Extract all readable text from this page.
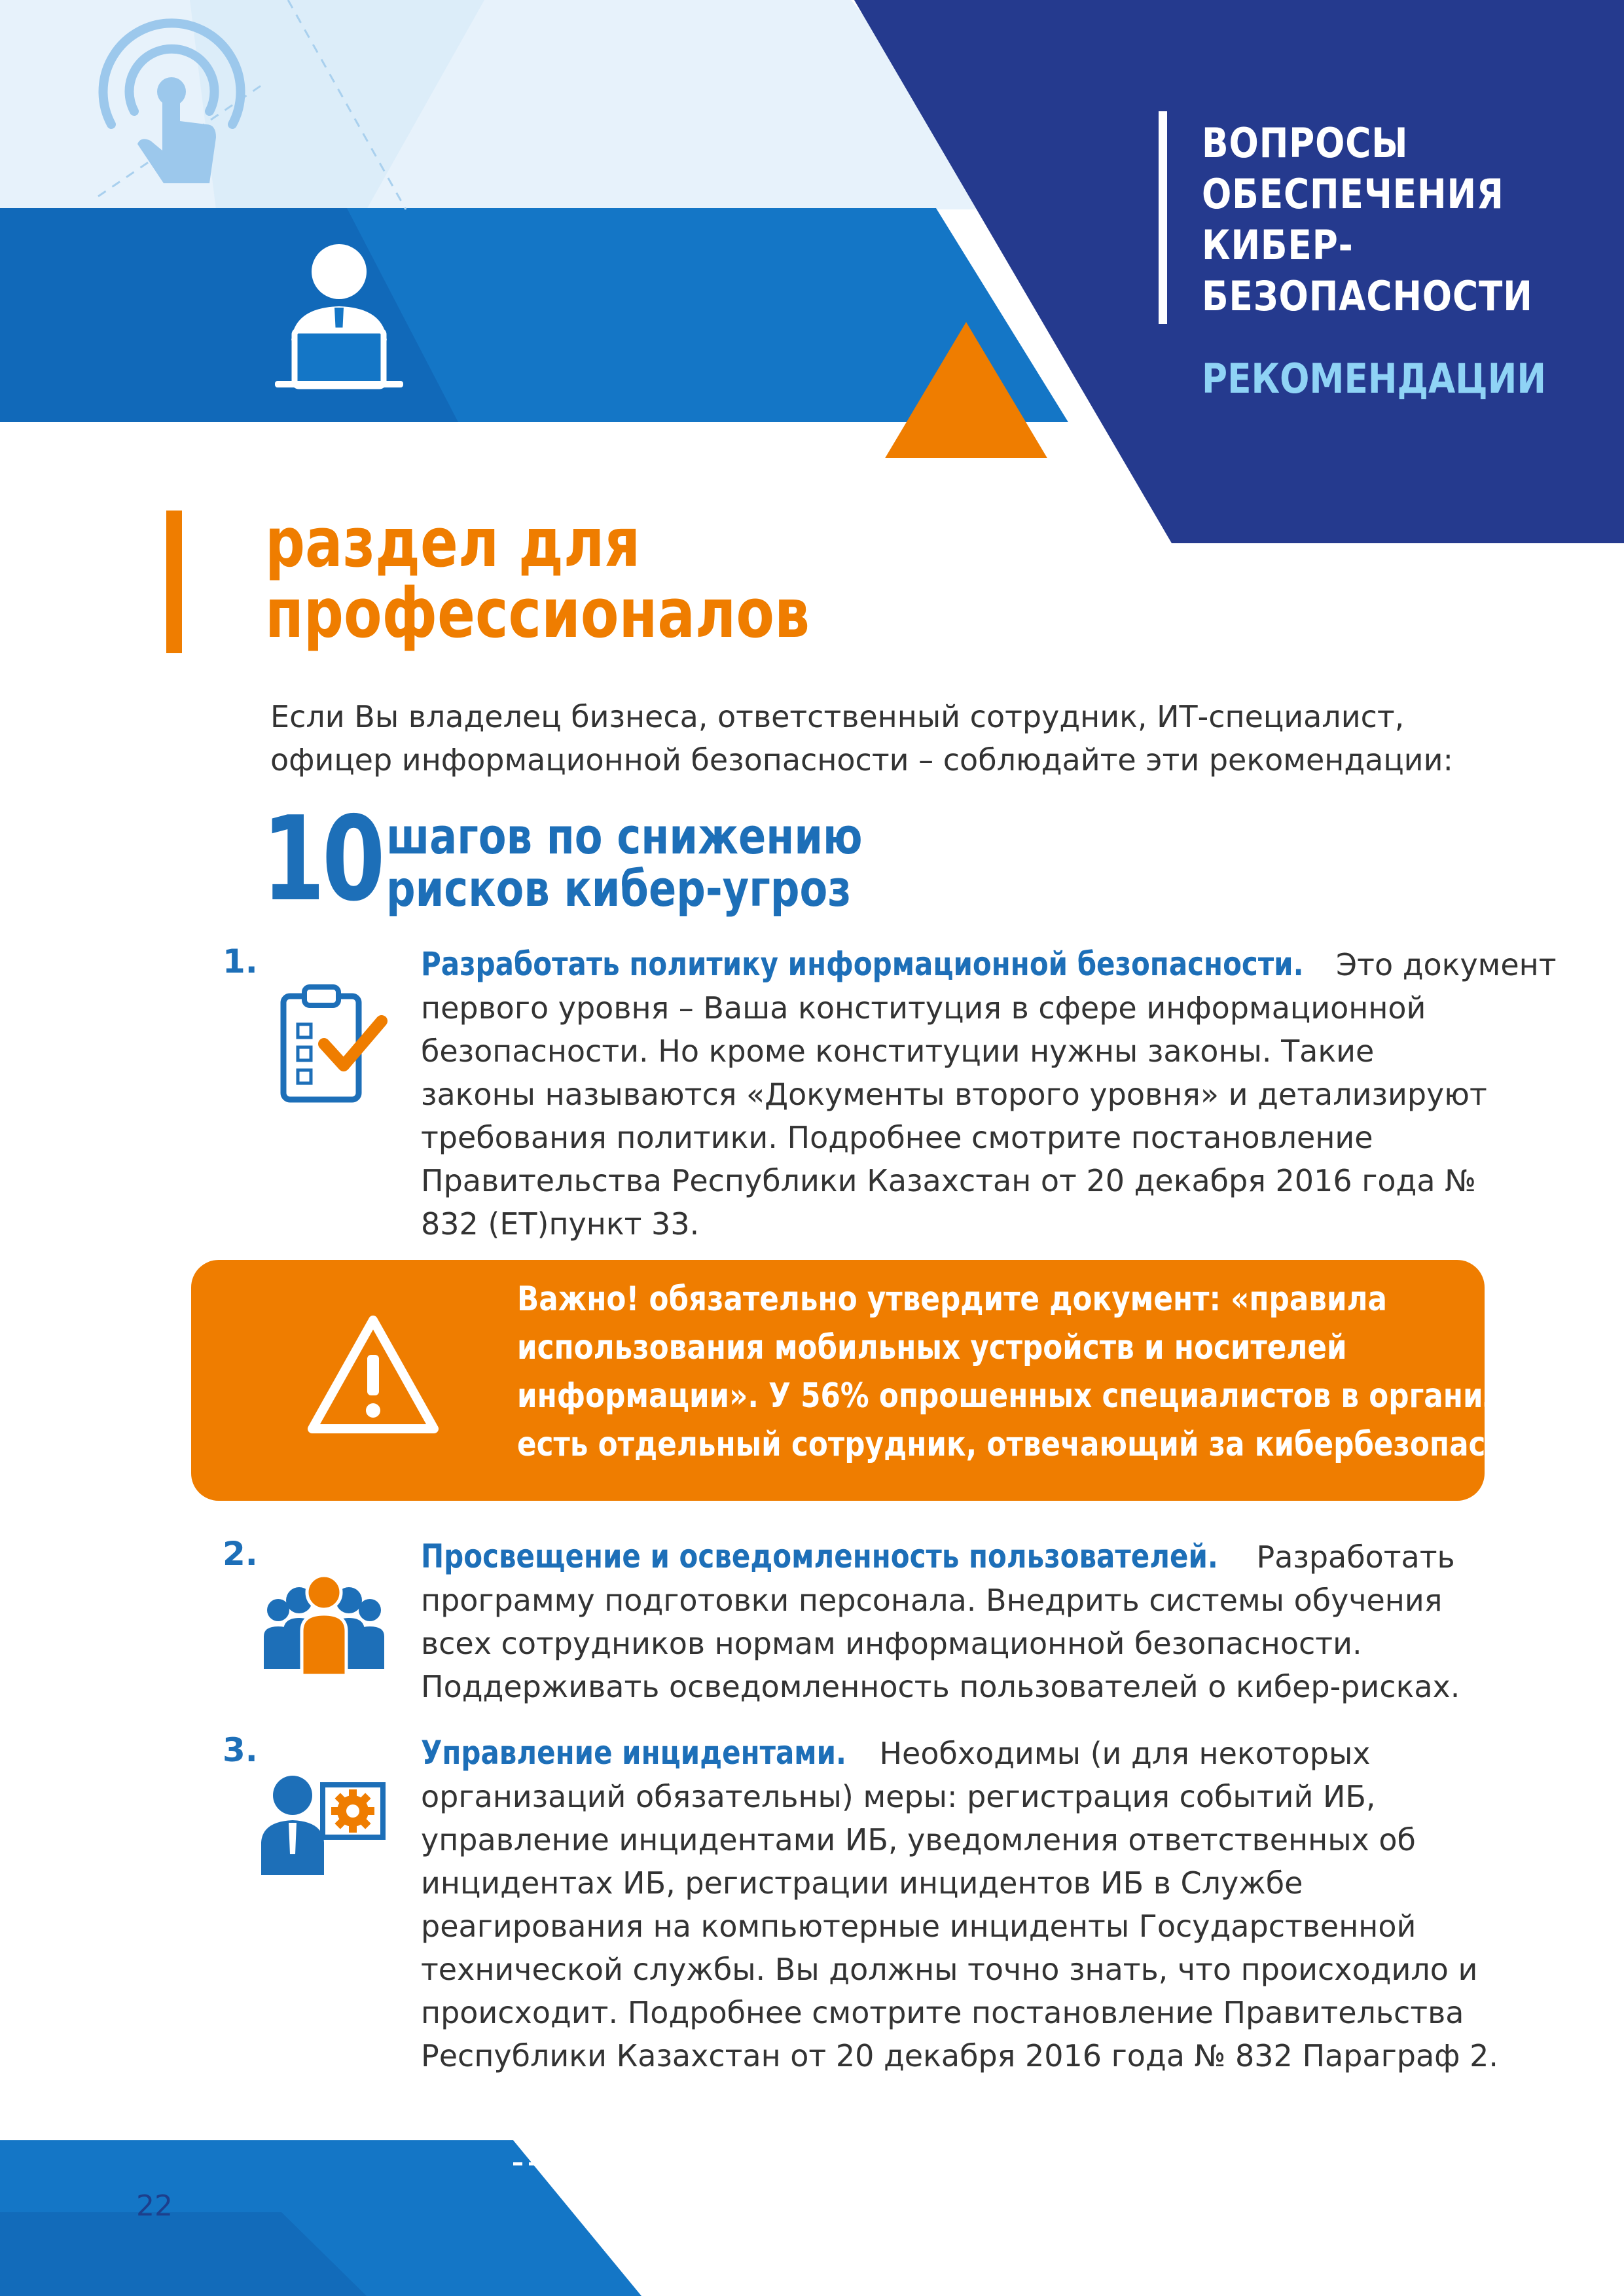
ВОПРОСЫ
ОБЕСПЕЧЕНИЯ
КИБЕР-
БЕЗОПАСНОСТИ
РЕКОМЕНДАЦИИ
раздел для
профессионалов
Если Вы владелец бизнеса, ответственный сотрудник, ИТ-специалист,
офицер информационной безопасности – соблюдайте эти рекомендации:
10 шагов по снижению
рисков кибер-угроз
1.	Разработать политику информационной безопасности. Это документ
первого уровня – Ваша конституция в сфере информационной
безопасности. Но кроме конституции нужны законы. Такие
законы называются «Документы второго уровня» и детализируют
требования политики. Подробнее смотрите постановление
Правительства Республики Казахстан от 20 декабря 2016 года №
832 (ЕТ)пункт 33.
Важно! обязательно утвердите документ: «правила
использования мобильных устройств и носителей
информации». У 56% опрошенных специалистов в организации
есть отдельный сотрудник, отвечающий за кибербезопасность.
2.	Просвещение и осведомленность пользователей. Разработать
программу подготовки персонала. Внедрить системы обучения
всех сотрудников нормам информационной безопасности.
Поддерживать осведомленность пользователей о кибер-рисках.
3.	Управление инцидентами. Необходимы (и для некоторых
организаций обязательны) меры: регистрация событий ИБ,
управление инцидентами ИБ, уведомления ответственных об
инцидентах ИБ, регистрации инцидентов ИБ в Службе
реагирования на компьютерные инциденты Государственной
технической службы. Вы должны точно знать, что происходило и
происходит. Подробнее смотрите постановление Правительства
Республики Казахстан от 20 декабря 2016 года № 832 Параграф 2.
22
